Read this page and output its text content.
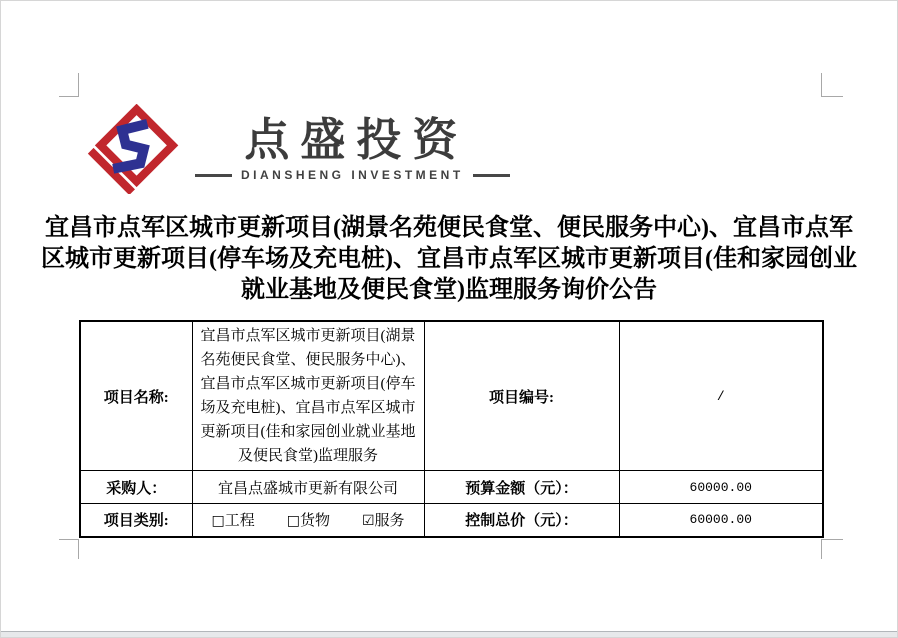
点盛投资
DIANSHENG INVESTMENT
宜昌市点军区城市更新项目(湖景名苑便民食堂、便民服务中心)、宜昌市点军区城市更新项目(停车场及充电桩)、宜昌市点军区城市更新项目(佳和家园创业就业基地及便民食堂)监理服务询价公告
项目名称:	宜昌市点军区城市更新项目(湖景名苑便民食堂、便民服务中心)、宜昌市点军区城市更新项目(停车场及充电桩)、宜昌市点军区城市更新项目(佳和家园创业就业基地及便民食堂)监理服务	项目编号:	/
采购人：	宜昌点盛城市更新有限公司	预算金额（元）：	60000.00
项目类别:	□工程 □货物 ☑服务	控制总价（元）：	60000.00
